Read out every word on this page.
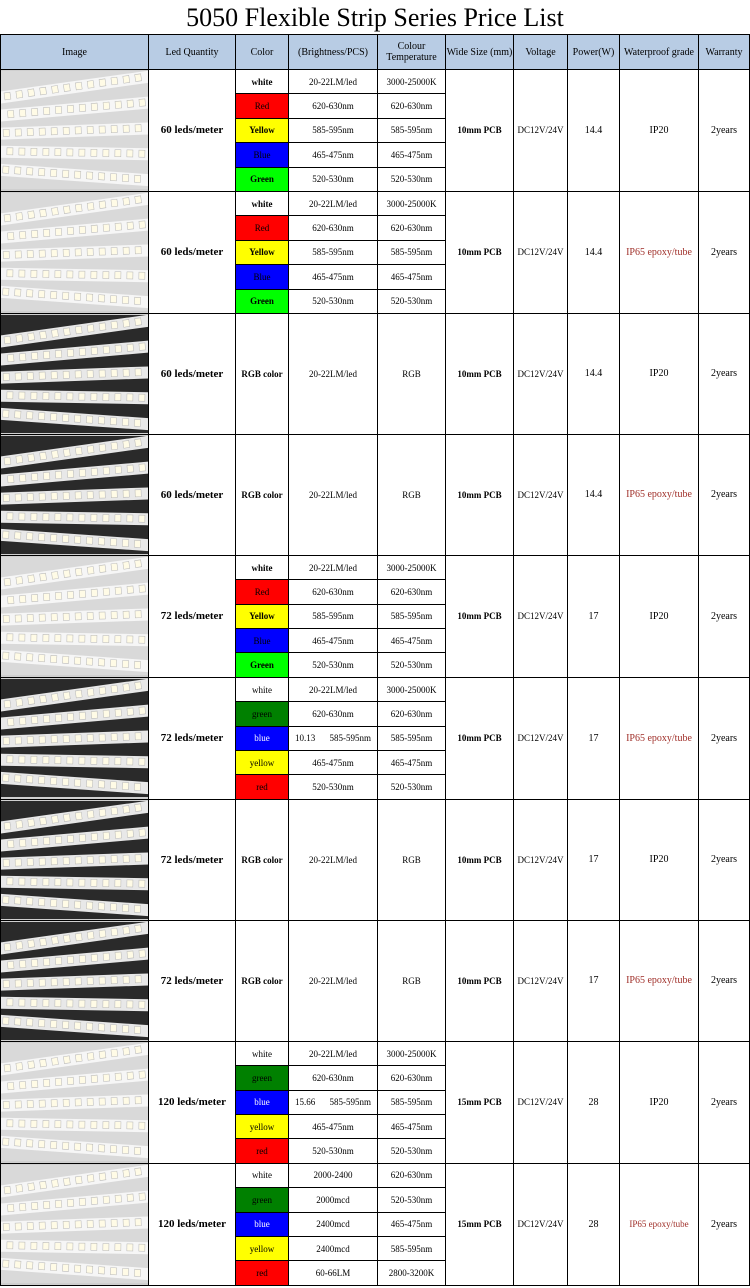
5050 Flexible Strip Series Price List
Image	Led Quantity	Color	(Brightness/PCS)	Colour Temperature	Wide Size (mm)	Voltage	Power(W)	Waterproof grade	Warranty

	60 leds/meter	white	20-22LM/led	3000-25000K	10mm PCB	DC12V/24V	14.4	IP20	2years
		Red	620-630nm	620-630nm					
		Yellow	585-595nm	585-595nm					
		Blue	465-475nm	465-475nm					
		Green	520-530nm	520-530nm					

	60 leds/meter	white	20-22LM/led	3000-25000K	10mm PCB	DC12V/24V	14.4	IP65 epoxy/tube	2years
		Red	620-630nm	620-630nm					
		Yellow	585-595nm	585-595nm					
		Blue	465-475nm	465-475nm					
		Green	520-530nm	520-530nm					

	60 leds/meter	RGB color	20-22LM/led	RGB	10mm PCB	DC12V/24V	14.4	IP20	2years

	60 leds/meter	RGB color	20-22LM/led	RGB	10mm PCB	DC12V/24V	14.4	IP65 epoxy/tube	2years

	72 leds/meter	white	20-22LM/led	3000-25000K	10mm PCB	DC12V/24V	17	IP20	2years
		Red	620-630nm	620-630nm					
		Yellow	585-595nm	585-595nm					
		Blue	465-475nm	465-475nm					
		Green	520-530nm	520-530nm					

	72 leds/meter	white	20-22LM/led	3000-25000K	10mm PCB	DC12V/24V	17	IP65 epoxy/tube	2years
		green	620-630nm	620-630nm					
		blue	10.13 585-595nm	585-595nm					
		yellow	465-475nm	465-475nm					
		red	520-530nm	520-530nm					

	72 leds/meter	RGB color	20-22LM/led	RGB	10mm PCB	DC12V/24V	17	IP20	2years

	72 leds/meter	RGB color	20-22LM/led	RGB	10mm PCB	DC12V/24V	17	IP65 epoxy/tube	2years

	120 leds/meter	white	20-22LM/led	3000-25000K	15mm PCB	DC12V/24V	28	IP20	2years
		green	620-630nm	620-630nm					
		blue	15.66 585-595nm	585-595nm					
		yellow	465-475nm	465-475nm					
		red	520-530nm	520-530nm					

	120 leds/meter	white	2000-2400	620-630nm	15mm PCB	DC12V/24V	28	IP65 epoxy/tube	2years
		green	2000mcd	520-530nm					
		blue	2400mcd	465-475nm					
		yellow	2400mcd	585-595nm					
		red	60-66LM	2800-3200K					
